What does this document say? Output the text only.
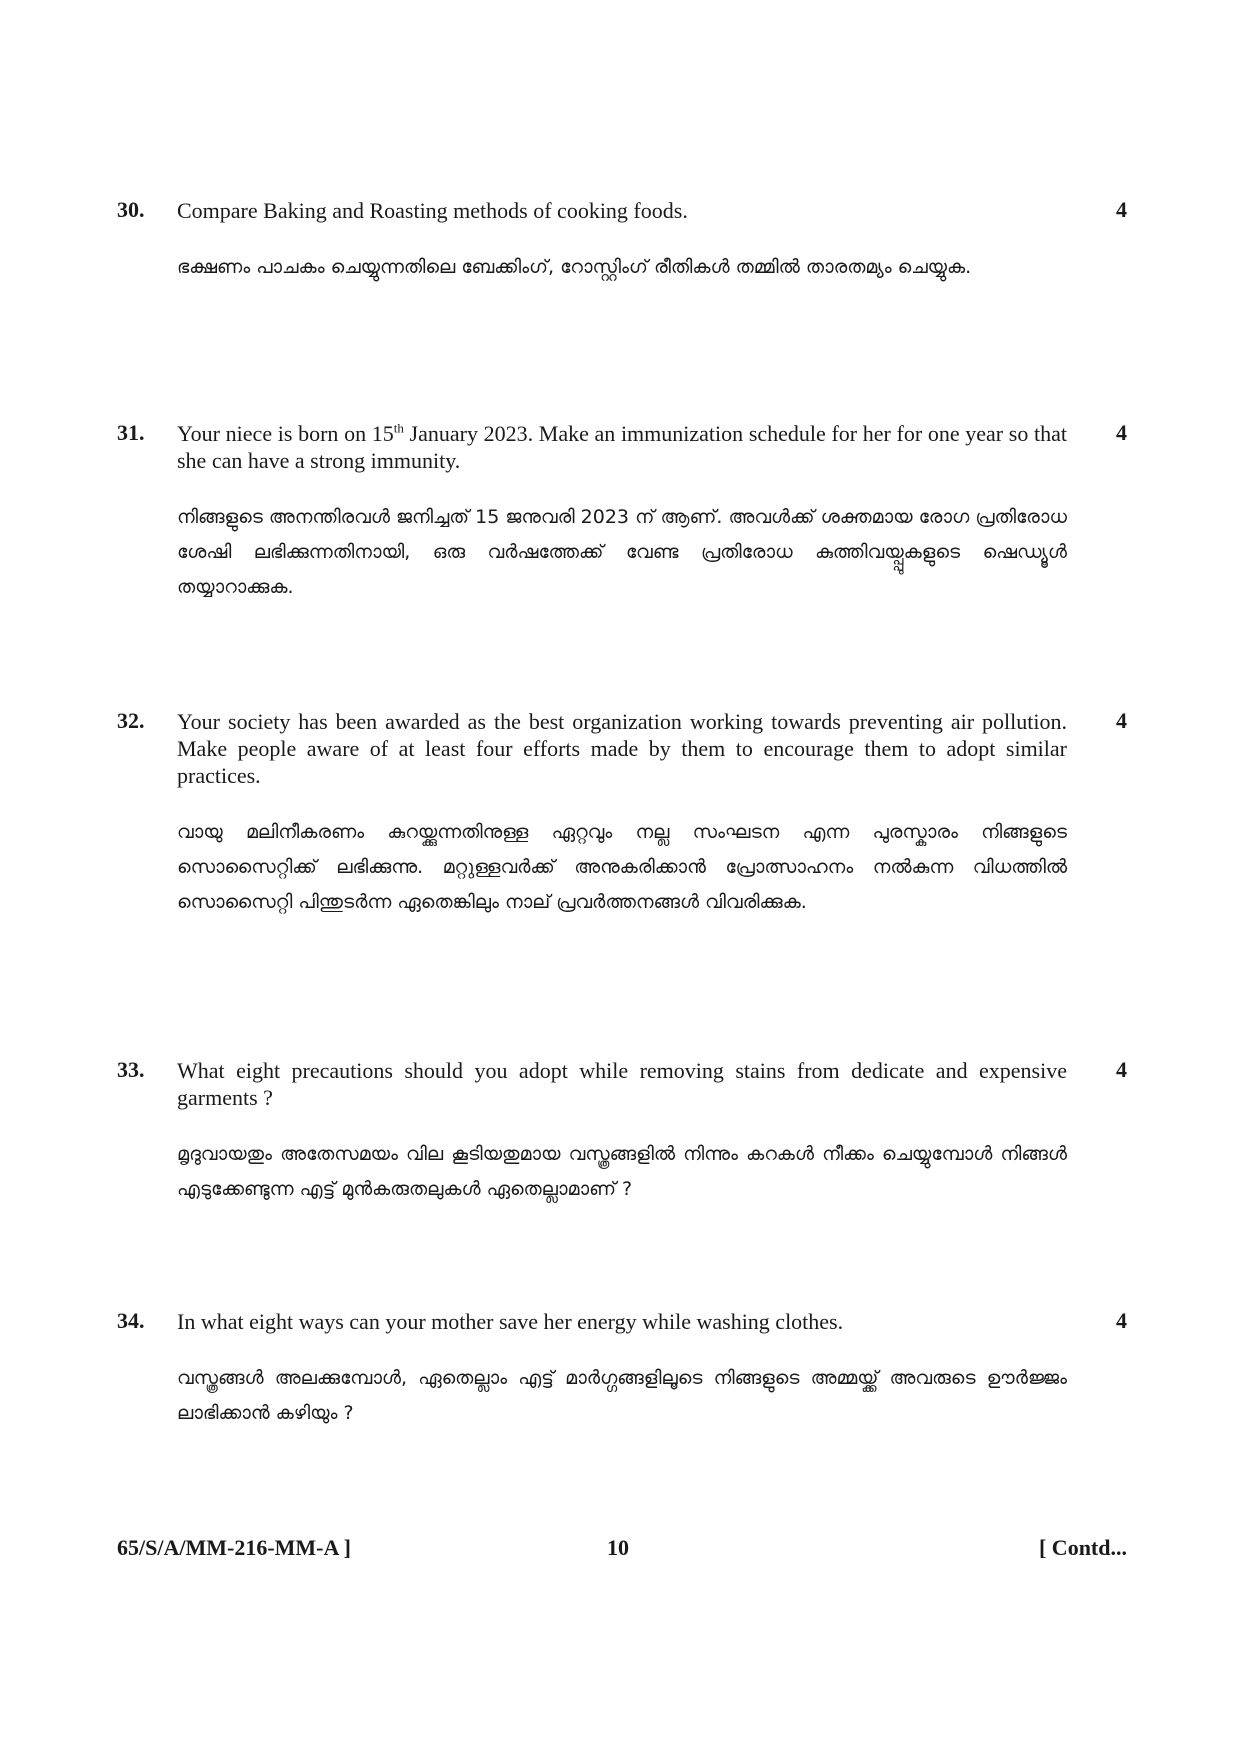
30.	4
Compare Baking and Roasting methods of cooking foods.
ഭക്ഷണം പാചകം ചെയ്യുന്നതിലെ ബേക്കിംഗ്, റോസ്റ്റിംഗ് രീതികൾ തമ്മിൽ താരതമ്യം ചെയ്യുക.
31.	4
Your niece is born on 15th January 2023. Make an immunization schedule for her for one year so that she can have a strong immunity.
നിങ്ങളുടെ അനന്തിരവൾ ജനിച്ചത് 15 ജനുവരി 2023 ന് ആണ്. അവൾക്ക് ശക്തമായ രോഗ പ്രതിരോധ ശേഷി ലഭിക്കുന്നതിനായി, ഒരു വർഷത്തേക്ക് വേണ്ട പ്രതിരോധ കുത്തിവയ്പ്പുകളുടെ ഷെഡ്യൂൾ തയ്യാറാക്കുക.
32.	4
Your society has been awarded as the best organization working towards preventing air pollution. Make people aware of at least four efforts made by them to encourage them to adopt similar practices.
വായു മലിനീകരണം കുറയ്ക്കുന്നതിനുള്ള ഏറ്റവും നല്ല സംഘടന എന്ന പുരസ്കാരം നിങ്ങളുടെ സൊസൈറ്റിക്ക് ലഭിക്കുന്നു. മറ്റുള്ളവർക്ക് അനുകരിക്കാൻ പ്രോത്സാഹനം നൽകുന്ന വിധത്തിൽ സൊസൈറ്റി പിന്തുടർന്ന ഏതെങ്കിലും നാല് പ്രവർത്തനങ്ങൾ വിവരിക്കുക.
33.	4
What eight precautions should you adopt while removing stains from dedicate and expensive garments ?
മൃദുവായതും അതേസമയം വില കൂടിയതുമായ വസ്ത്രങ്ങളിൽ നിന്നും കറകൾ നീക്കം ചെയ്യുമ്പോൾ നിങ്ങൾ എടുക്കേണ്ടുന്ന എട്ട് മുൻകരുതലുകൾ ഏതെല്ലാമാണ് ?
34.	4
In what eight ways can your mother save her energy while washing clothes.
വസ്ത്രങ്ങൾ അലക്കുമ്പോൾ, ഏതെല്ലാം എട്ട് മാർഗ്ഗങ്ങളിലൂടെ നിങ്ങളുടെ അമ്മയ്ക്ക് അവരുടെ ഊർജ്ജം ലാഭിക്കാൻ കഴിയും ?
65/S/A/MM-216-MM-A ]	10	[ Contd...
